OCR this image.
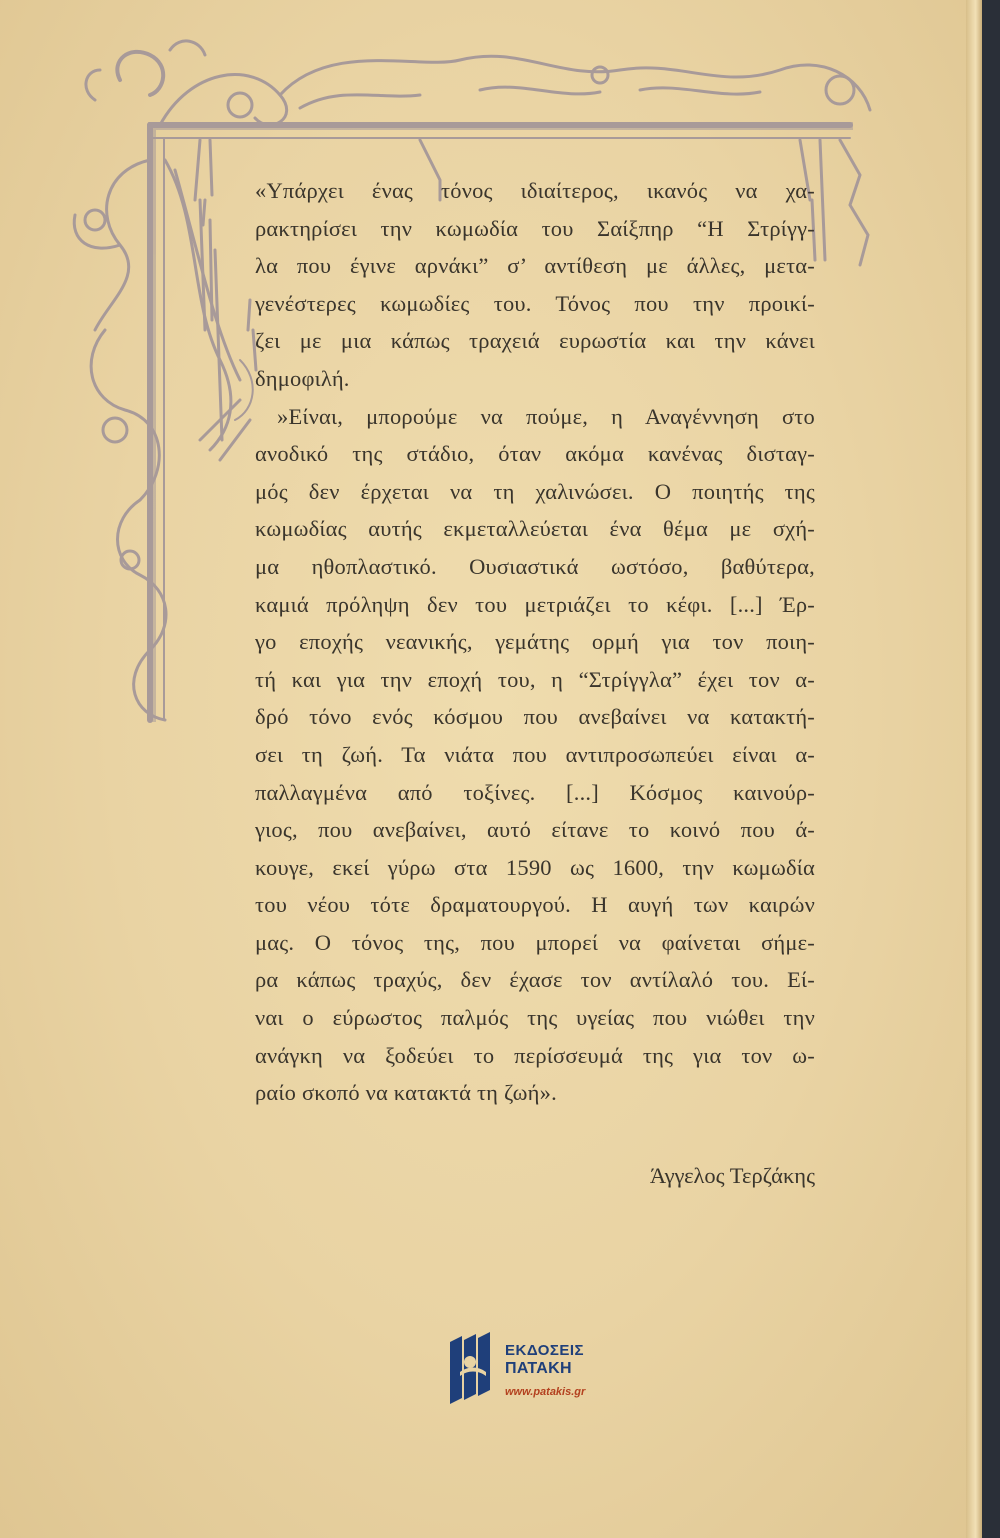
«Υπάρχει ένας τόνος ιδιαίτερος, ικανός να χα-
ρακτηρίσει την κωμωδία του Σαίξπηρ “Η Στρίγγ-
λα που έγινε αρνάκι” σ’ αντίθεση με άλλες, μετα-
γενέστερες κωμωδίες του. Τόνος που την προικί-
ζει με μια κάπως τραχειά ευρωστία και την κάνει
δημοφιλή.
»Είναι, μπορούμε να πούμε, η Αναγέννηση στο
ανοδικό της στάδιο, όταν ακόμα κανένας δισταγ-
μός δεν έρχεται να τη χαλινώσει. Ο ποιητής της
κωμωδίας αυτής εκμεταλλεύεται ένα θέμα με σχή-
μα ηθοπλαστικό. Ουσιαστικά ωστόσο, βαθύτερα,
καμιά πρόληψη δεν του μετριάζει το κέφι. [...] Έρ-
γο εποχής νεανικής, γεμάτης ορμή για τον ποιη-
τή και για την εποχή του, η “Στρίγγλα” έχει τον α-
δρό τόνο ενός κόσμου που ανεβαίνει να κατακτή-
σει τη ζωή. Τα νιάτα που αντιπροσωπεύει είναι α-
παλλαγμένα από τοξίνες. [...] Κόσμος καινούρ-
γιος, που ανεβαίνει, αυτό είτανε το κοινό που ά-
κουγε, εκεί γύρω στα 1590 ως 1600, την κωμωδία
του νέου τότε δραματουργού. Η αυγή των καιρών
μας. Ο τόνος της, που μπορεί να φαίνεται σήμε-
ρα κάπως τραχύς, δεν έχασε τον αντίλαλό του. Εί-
ναι ο εύρωστος παλμός της υγείας που νιώθει την
ανάγκη να ξοδεύει το περίσσευμά της για τον ω-
ραίο σκοπό να κατακτά τη ζωή».
Άγγελος Τερζάκης
ΕΚΔΟΣΕΙΣ
ΠΑΤΑΚΗ
www.patakis.gr
